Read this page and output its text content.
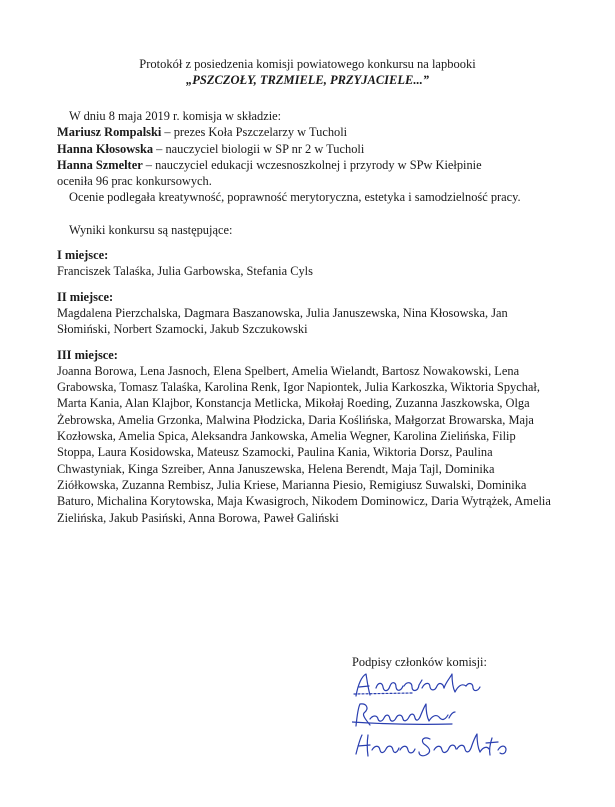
Protokół z posiedzenia komisji powiatowego konkursu na lapbooki
„PSZCZOŁY, TRZMIELE, PRZYJACIELE...”

W dniu 8 maja 2019 r. komisja w składzie:

Mariusz Rompalski – prezes Koła Pszczelarzy w Tucholi

Hanna Kłosowska – nauczyciel biologii w SP nr 2 w Tucholi

Hanna Szmelter – nauczyciel edukacji wczesnoszkolnej i przyrody w SPw Kiełpinie

oceniła 96 prac konkursowych.

Ocenie podlegała kreatywność, poprawność merytoryczna, estetyka i samodzielność pracy.

Wyniki konkursu są następujące:

I miejsce:

Franciszek Talaśka, Julia Garbowska, Stefania Cyls

II miejsce:

Magdalena Pierzchalska, Dagmara Baszanowska, Julia Januszewska, Nina Kłosowska, Jan

Słomiński, Norbert Szamocki, Jakub Szczukowski

III miejsce:

Joanna Borowa, Lena Jasnoch, Elena Spelbert, Amelia Wielandt, Bartosz Nowakowski, Lena

Grabowska, Tomasz Talaśka, Karolina Renk, Igor Napiontek, Julia Karkoszka, Wiktoria Spychał,

Marta Kania, Alan Klajbor, Konstancja Metlicka, Mikołaj Roeding, Zuzanna Jaszkowska, Olga

Żebrowska, Amelia Grzonka, Malwina Płodzicka, Daria Koślińska, Małgorzat Browarska, Maja

Kozłowska, Amelia Spica, Aleksandra Jankowska, Amelia Wegner, Karolina Zielińska, Filip

Stoppa, Laura Kosidowska, Mateusz Szamocki, Paulina Kania, Wiktoria Dorsz, Paulina

Chwastyniak, Kinga Szreiber, Anna Januszewska, Helena Berendt, Maja Tajl, Dominika

Ziółkowska, Zuzanna Rembisz, Julia Kriese, Marianna Piesio, Remigiusz Suwalski, Dominika

Baturo, Michalina Korytowska, Maja Kwasigroch, Nikodem Dominowicz, Daria Wytrążek, Amelia

Zielińska, Jakub Pasiński, Anna Borowa, Paweł Galiński

Podpisy członków komisji:
